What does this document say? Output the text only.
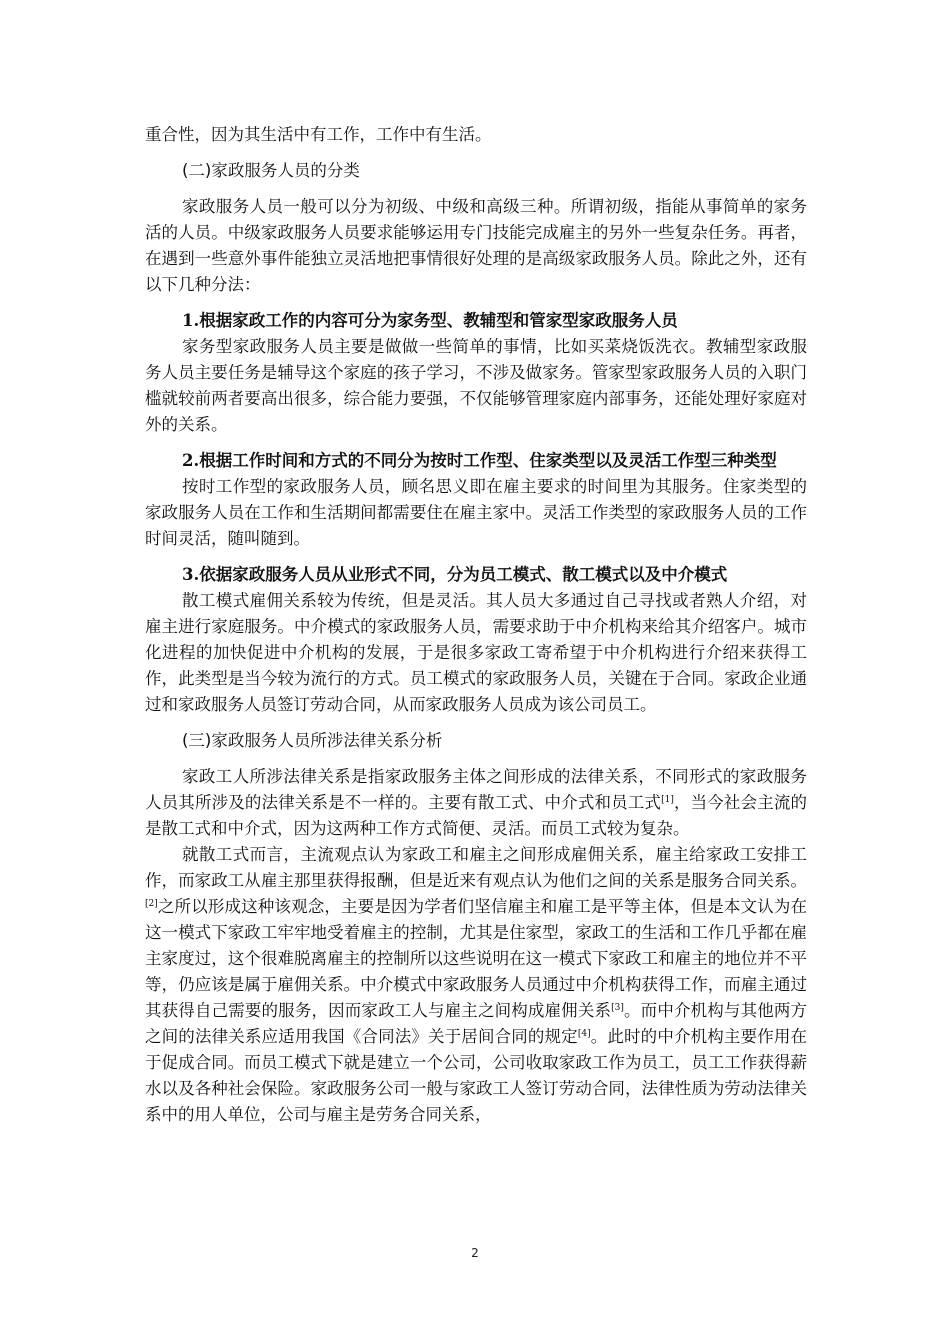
重合性，因为其生活中有工作，工作中有生活。

(二)家政服务人员的分类

家政服务人员一般可以分为初级、中级和高级三种。所谓初级，指能从事简单的家务活的人员。中级家政服务人员要求能够运用专门技能完成雇主的另外一些复杂任务。再者，在遇到一些意外事件能独立灵活地把事情很好处理的是高级家政服务人员。除此之外，还有以下几种分法：

1.根据家政工作的内容可分为家务型、教辅型和管家型家政服务人员

家务型家政服务人员主要是做做一些简单的事情，比如买菜烧饭洗衣。教辅型家政服务人员主要任务是辅导这个家庭的孩子学习，不涉及做家务。管家型家政服务人员的入职门槛就较前两者要高出很多，综合能力要强，不仅能够管理家庭内部事务，还能处理好家庭对外的关系。

2.根据工作时间和方式的不同分为按时工作型、住家类型以及灵活工作型三种类型

按时工作型的家政服务人员，顾名思义即在雇主要求的时间里为其服务。住家类型的家政服务人员在工作和生活期间都需要住在雇主家中。灵活工作类型的家政服务人员的工作时间灵活，随叫随到。

3.依据家政服务人员从业形式不同，分为员工模式、散工模式以及中介模式

散工模式雇佣关系较为传统，但是灵活。其人员大多通过自己寻找或者熟人介绍，对雇主进行家庭服务。中介模式的家政服务人员，需要求助于中介机构来给其介绍客户。城市化进程的加快促进中介机构的发展，于是很多家政工寄希望于中介机构进行介绍来获得工作，此类型是当今较为流行的方式。员工模式的家政服务人员，关键在于合同。家政企业通过和家政服务人员签订劳动合同，从而家政服务人员成为该公司员工。

(三)家政服务人员所涉法律关系分析

家政工人所涉法律关系是指家政服务主体之间形成的法律关系，不同形式的家政服务人员其所涉及的法律关系是不一样的。主要有散工式、中介式和员工式[1]，当今社会主流的是散工式和中介式，因为这两种工作方式简便、灵活。而员工式较为复杂。

就散工式而言，主流观点认为家政工和雇主之间形成雇佣关系，雇主给家政工安排工作，而家政工从雇主那里获得报酬，但是近来有观点认为他们之间的关系是服务合同关系。[2]之所以形成这种该观念，主要是因为学者们坚信雇主和雇工是平等主体，但是本文认为在这一模式下家政工牢牢地受着雇主的控制，尤其是住家型，家政工的生活和工作几乎都在雇主家度过，这个很难脱离雇主的控制所以这些说明在这一模式下家政工和雇主的地位并不平等，仍应该是属于雇佣关系。中介模式中家政服务人员通过中介机构获得工作，而雇主通过其获得自己需要的服务，因而家政工人与雇主之间构成雇佣关系[3]。而中介机构与其他两方之间的法律关系应适用我国《合同法》关于居间合同的规定[4]。此时的中介机构主要作用在于促成合同。而员工模式下就是建立一个公司，公司收取家政工作为员工，员工工作获得薪水以及各种社会保险。家政服务公司一般与家政工人签订劳动合同，法律性质为劳动法律关系中的用人单位，公司与雇主是劳务合同关系，

2
